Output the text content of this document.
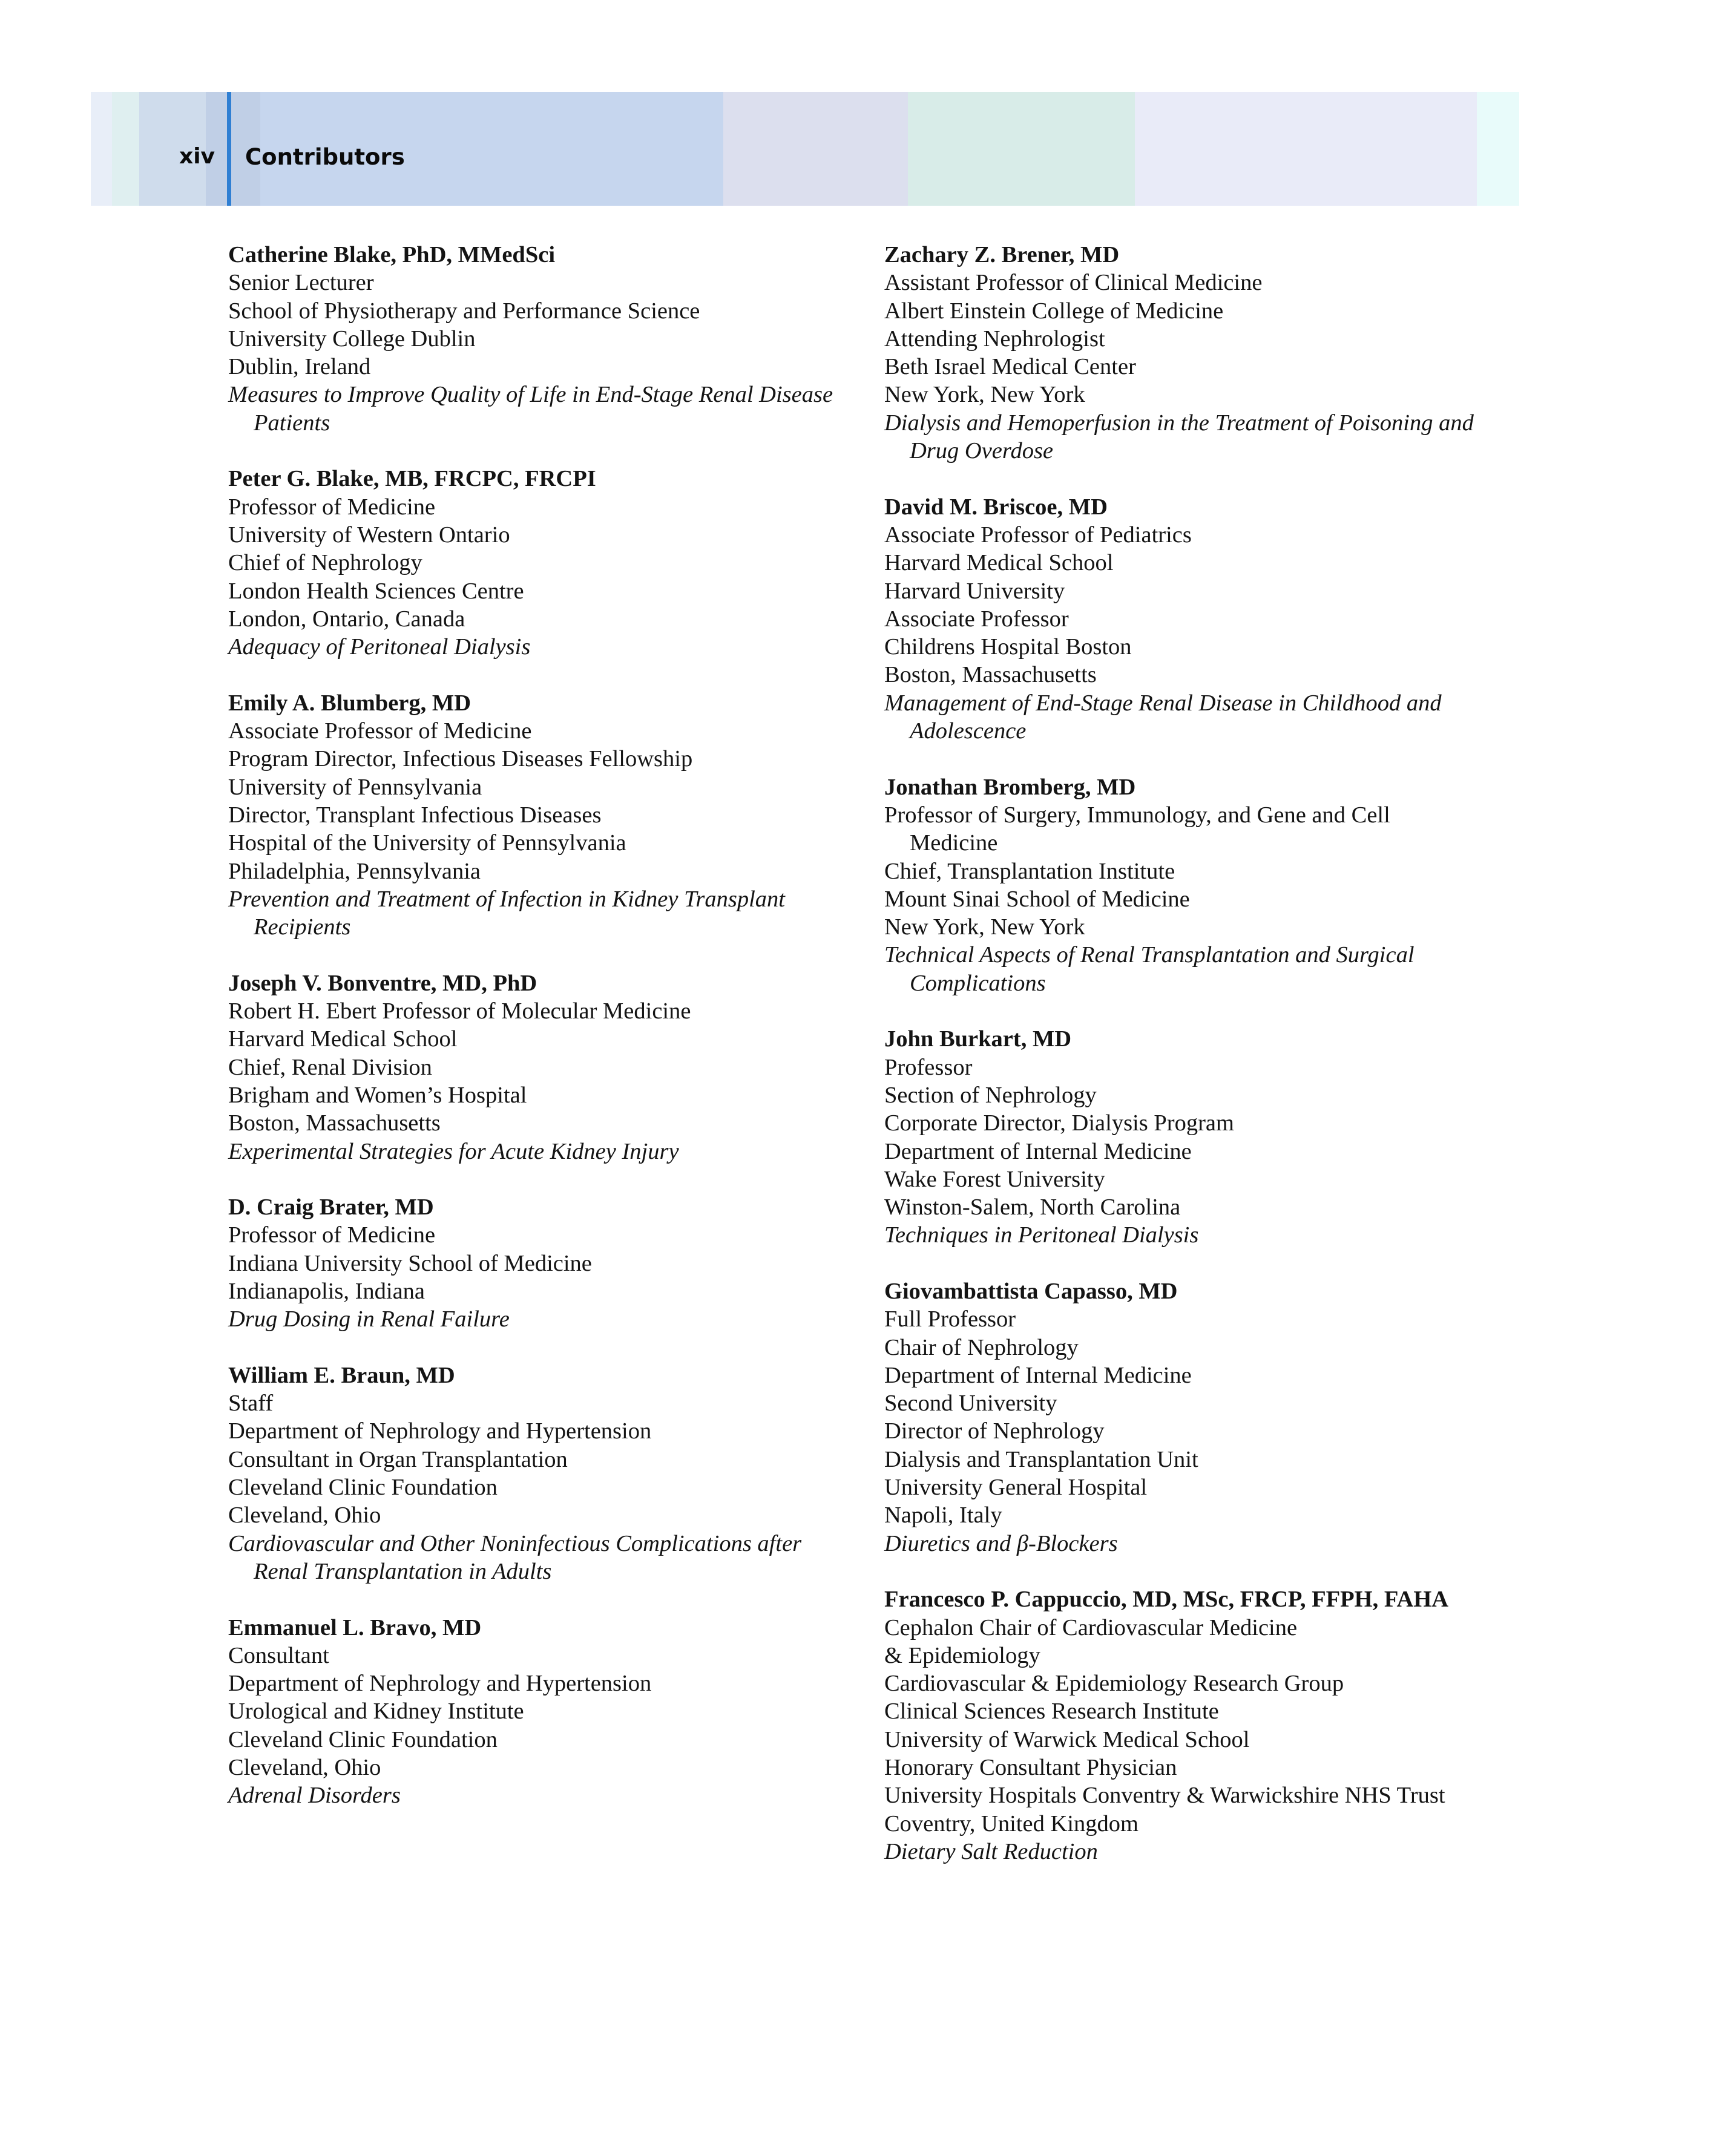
xiv Contributors
Catherine Blake, PhD, MMedSci
Senior Lecturer
School of Physiotherapy and Performance Science
University College Dublin
Dublin, Ireland
Measures to Improve Quality of Life in End-Stage Renal Disease
Patients
Peter G. Blake, MB, FRCPC, FRCPI
Professor of Medicine
University of Western Ontario
Chief of Nephrology
London Health Sciences Centre
London, Ontario, Canada
Adequacy of Peritoneal Dialysis
Emily A. Blumberg, MD
Associate Professor of Medicine
Program Director, Infectious Diseases Fellowship
University of Pennsylvania
Director, Transplant Infectious Diseases
Hospital of the University of Pennsylvania
Philadelphia, Pennsylvania
Prevention and Treatment of Infection in Kidney Transplant
Recipients
Joseph V. Bonventre, MD, PhD
Robert H. Ebert Professor of Molecular Medicine
Harvard Medical School
Chief, Renal Division
Brigham and Women’s Hospital
Boston, Massachusetts
Experimental Strategies for Acute Kidney Injury
D. Craig Brater, MD
Professor of Medicine
Indiana University School of Medicine
Indianapolis, Indiana
Drug Dosing in Renal Failure
William E. Braun, MD
Staff
Department of Nephrology and Hypertension
Consultant in Organ Transplantation
Cleveland Clinic Foundation
Cleveland, Ohio
Cardiovascular and Other Noninfectious Complications after
Renal Transplantation in Adults
Emmanuel L. Bravo, MD
Consultant
Department of Nephrology and Hypertension
Urological and Kidney Institute
Cleveland Clinic Foundation
Cleveland, Ohio
Adrenal Disorders
Zachary Z. Brener, MD
Assistant Professor of Clinical Medicine
Albert Einstein College of Medicine
Attending Nephrologist
Beth Israel Medical Center
New York, New York
Dialysis and Hemoperfusion in the Treatment of Poisoning and
Drug Overdose
David M. Briscoe, MD
Associate Professor of Pediatrics
Harvard Medical School
Harvard University
Associate Professor
Childrens Hospital Boston
Boston, Massachusetts
Management of End-Stage Renal Disease in Childhood and
Adolescence
Jonathan Bromberg, MD
Professor of Surgery, Immunology, and Gene and Cell
Medicine
Chief, Transplantation Institute
Mount Sinai School of Medicine
New York, New York
Technical Aspects of Renal Transplantation and Surgical
Complications
John Burkart, MD
Professor
Section of Nephrology
Corporate Director, Dialysis Program
Department of Internal Medicine
Wake Forest University
Winston-Salem, North Carolina
Techniques in Peritoneal Dialysis
Giovambattista Capasso, MD
Full Professor
Chair of Nephrology
Department of Internal Medicine
Second University
Director of Nephrology
Dialysis and Transplantation Unit
University General Hospital
Napoli, Italy
Diuretics and β-Blockers
Francesco P. Cappuccio, MD, MSc, FRCP, FFPH, FAHA
Cephalon Chair of Cardiovascular Medicine
& Epidemiology
Cardiovascular & Epidemiology Research Group
Clinical Sciences Research Institute
University of Warwick Medical School
Honorary Consultant Physician
University Hospitals Conventry & Warwickshire NHS Trust
Coventry, United Kingdom
Dietary Salt Reduction
